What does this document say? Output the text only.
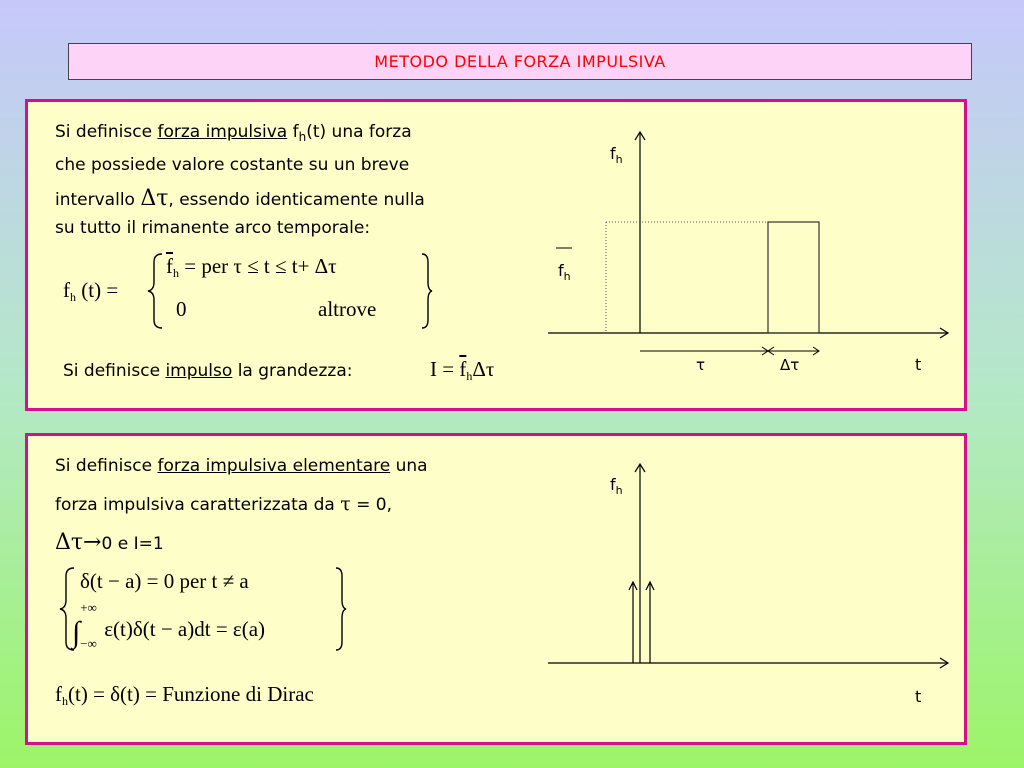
METODO DELLA FORZA IMPULSIVA
Si definisce forza impulsiva $f_h(t)$ una forza
che possiede valore costante su un breve
intervallo Δτ, essendo identicamente nulla
su tutto il rimanente arco temporale:
$f_h$ (t) =
$\overline{f}_h$ = per τ ≤ t ≤ t+ Δτ
0	altrove
Si definisce impulso la grandezza:	$I = \overline{f}_h\Delta\tau$
$f_h$
$f_h$
τ	Δτ	t
Si definisce forza impulsiva elementare una
forza impulsiva caratterizzata da τ = 0,
Δτ→0 e I=1
δ(t − a) = 0 per t ≠ a
∫
+∞
−∞
ε(t)δ(t − a)dt = ε(a)
$f_h(t) = \delta(t)$ = Funzione di Dirac
$f_h$
t
